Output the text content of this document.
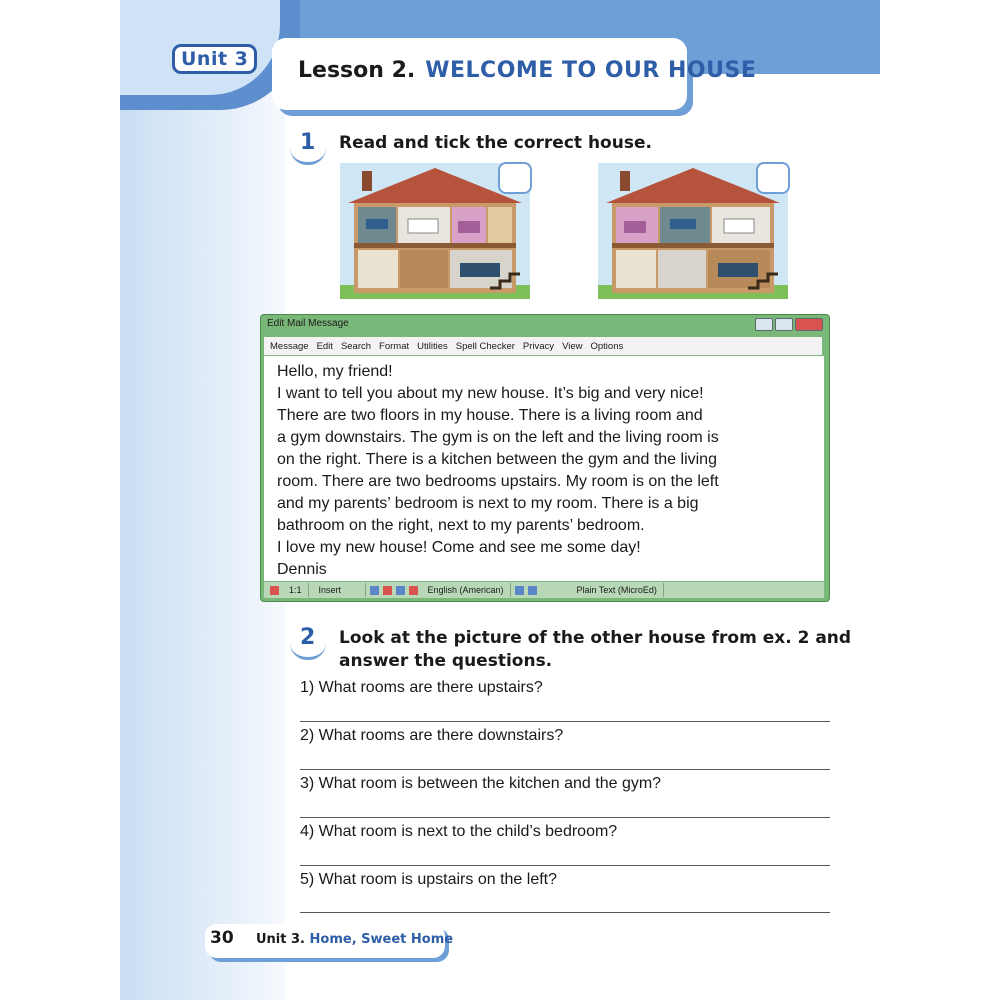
Unit 3	Lesson 2. WELCOME TO OUR HOUSE
1 Read and tick the correct house.
Edit Mail Message
Message Edit Search Format Utilities Spell Checker Privacy View Options
Hello, my friend!
I want to tell you about my new house. It’s big and very nice!
There are two floors in my house. There is a living room and
a gym downstairs. The gym is on the left and the living room is
on the right. There is a kitchen between the gym and the living
room. There are two bedrooms upstairs. My room is on the left
and my parents’ bedroom is next to my room. There is a big
bathroom on the right, next to my parents’ bedroom.
I love my new house! Come and see me some day!
Dennis
1:1	Insert	English (American)	Plain Text (MicroEd)
2 Look at the picture of the other house from ex. 2 and
answer the questions.
1) What rooms are there upstairs?
2) What rooms are there downstairs?
3) What room is between the kitchen and the gym?
4) What room is next to the child’s bedroom?
5) What room is upstairs on the left?
30 Unit 3. Home, Sweet Home
